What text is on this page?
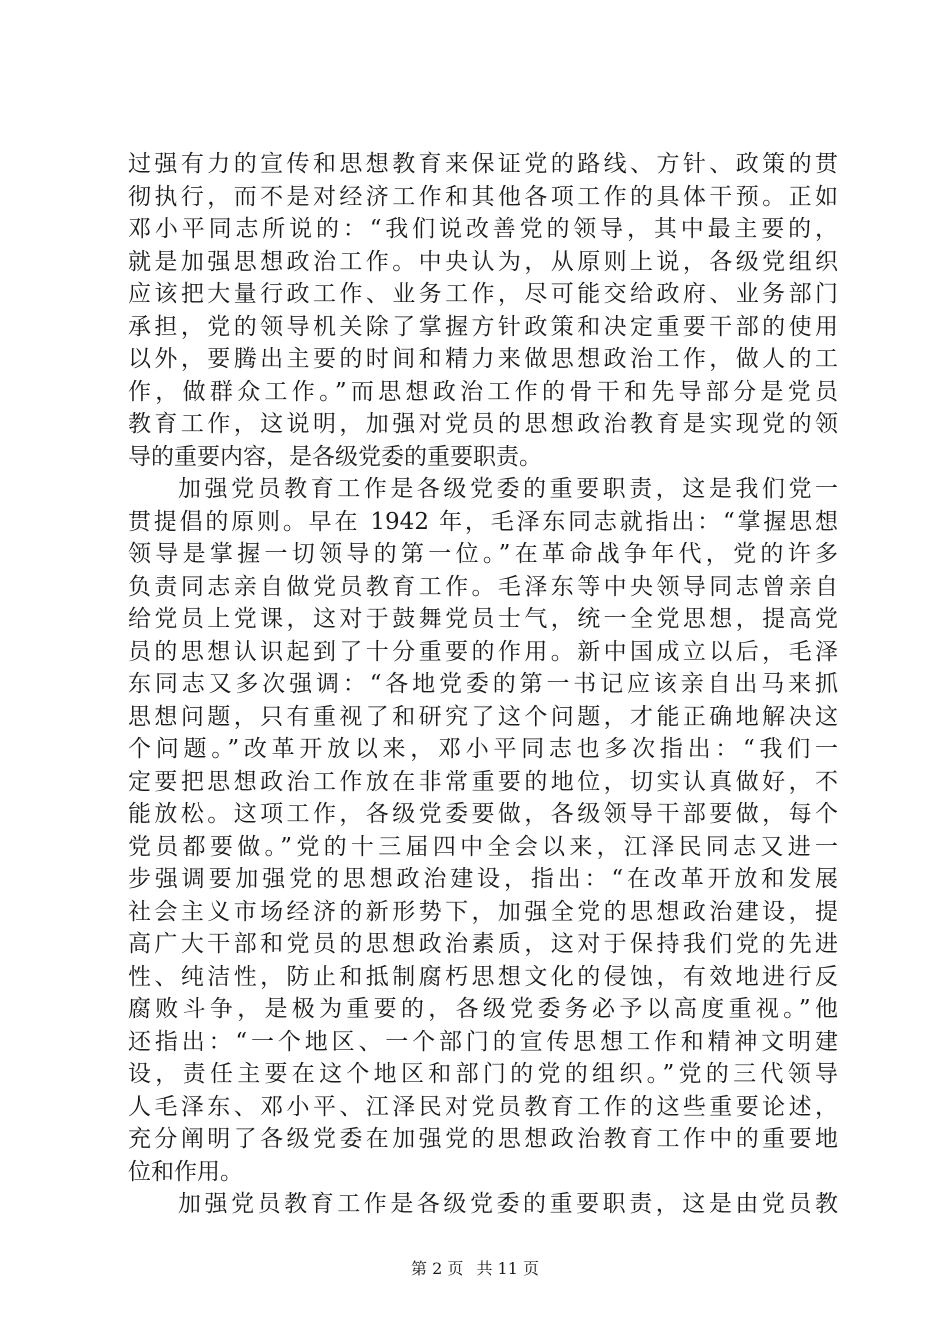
过强有力的宣传和思想教育来保证党的路线、方针、政策的贯
彻执行，而不是对经济工作和其他各项工作的具体干预。正如
邓小平同志所说的：“我们说改善党的领导，其中最主要的，
就是加强思想政治工作。中央认为，从原则上说，各级党组织
应该把大量行政工作、业务工作，尽可能交给政府、业务部门
承担，党的领导机关除了掌握方针政策和决定重要干部的使用
以外，要腾出主要的时间和精力来做思想政治工作，做人的工
作，做群众工作。”而思想政治工作的骨干和先导部分是党员
教育工作，这说明，加强对党员的思想政治教育是实现党的领
导的重要内容，是各级党委的重要职责。
加强党员教育工作是各级党委的重要职责，这是我们党一
贯提倡的原则。早在 1942 年，毛泽东同志就指出：“掌握思想
领导是掌握一切领导的第一位。”在革命战争年代，党的许多
负责同志亲自做党员教育工作。毛泽东等中央领导同志曾亲自
给党员上党课，这对于鼓舞党员士气，统一全党思想，提高党
员的思想认识起到了十分重要的作用。新中国成立以后，毛泽
东同志又多次强调：“各地党委的第一书记应该亲自出马来抓
思想问题，只有重视了和研究了这个问题，才能正确地解决这
个问题。”改革开放以来，邓小平同志也多次指出：“我们一
定要把思想政治工作放在非常重要的地位，切实认真做好，不
能放松。这项工作，各级党委要做，各级领导干部要做，每个
党员都要做。”党的十三届四中全会以来，江泽民同志又进一
步强调要加强党的思想政治建设，指出：“在改革开放和发展
社会主义市场经济的新形势下，加强全党的思想政治建设，提
高广大干部和党员的思想政治素质，这对于保持我们党的先进
性、纯洁性，防止和抵制腐朽思想文化的侵蚀，有效地进行反
腐败斗争，是极为重要的，各级党委务必予以高度重视。”他
还指出：“一个地区、一个部门的宣传思想工作和精神文明建
设，责任主要在这个地区和部门的党的组织。”党的三代领导
人毛泽东、邓小平、江泽民对党员教育工作的这些重要论述，
充分阐明了各级党委在加强党的思想政治教育工作中的重要地
位和作用。
加强党员教育工作是各级党委的重要职责，这是由党员教
第 2 页 共 11 页
